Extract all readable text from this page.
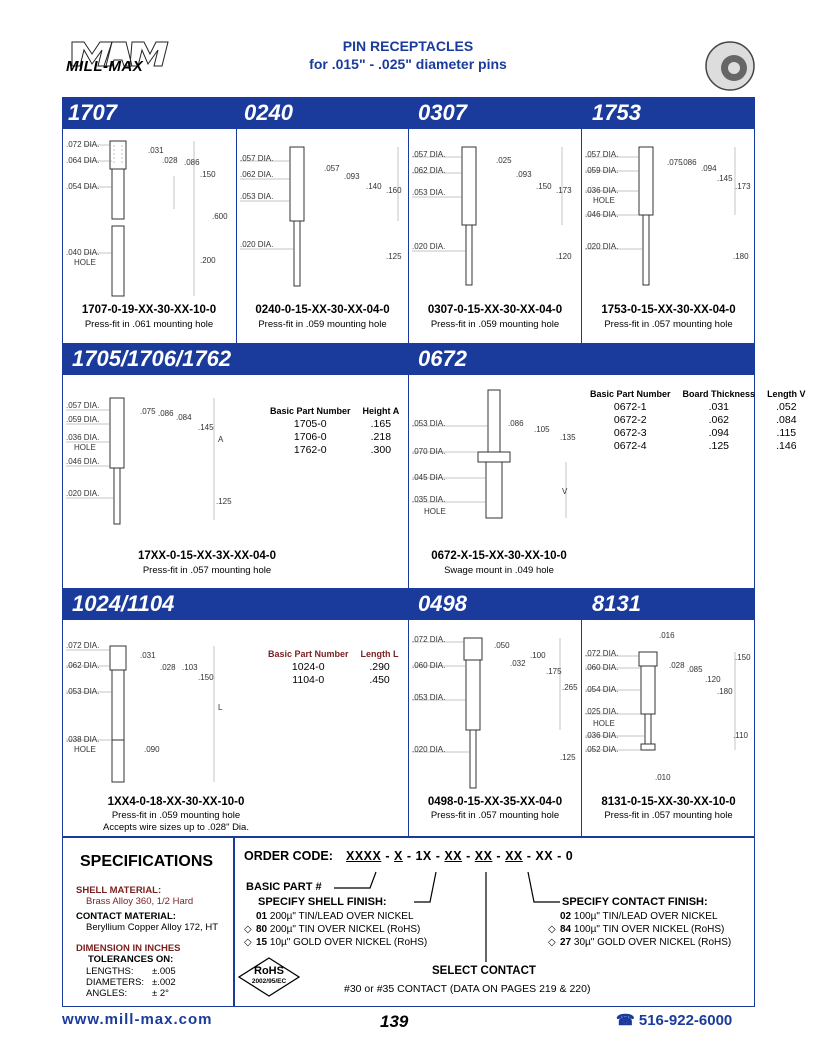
MILL-MAX
PIN RECEPTACLES
for .015" - .025" diameter pins
1707	0240	0307	1753
1705/1706/1762	0672
1024/1104	0498	8131
.072 DIA.
.064 DIA.
.054 DIA.
.040 DIA.
HOLE
.031
.028 .086
.150
.600
.200
.057 DIA.
.062 DIA.
.053 DIA.
.020 DIA.
.057
.093
.140 .160
.125
.057 DIA.
.062 DIA.
.053 DIA.
.020 DIA.
.025
.093
.150 .173
.120
.057 DIA.
.059 DIA.
.036 DIA.
HOLE
.046 DIA.
.020 DIA.
.075
.086
.094
.145
.173
.180
1707-0-19-XX-30-XX-10-0
Press-fit in .061 mounting hole
0240-0-15-XX-30-XX-04-0
Press-fit in .059 mounting hole
0307-0-15-XX-30-XX-04-0
Press-fit in .059 mounting hole
1753-0-15-XX-30-XX-04-0
Press-fit in .057 mounting hole
.057 DIA.
.059 DIA.
.036 DIA.
HOLE
.046 DIA.
.020 DIA.
.075 .086 .084
.145
A
.125
Basic Part Number	Height A
1705-0	.165
1706-0	.218
1762-0	.300
.053 DIA.
.070 DIA.
.045 DIA.
.035 DIA.
HOLE
.086
.105
.135
V
Basic Part Number	Board Thickness	Length V
0672-1	.031	.052
0672-2	.062	.084
0672-3	.094	.115
0672-4	.125	.146
17XX-0-15-XX-3X-XX-04-0
Press-fit in .057 mounting hole
0672-X-15-XX-30-XX-10-0
Swage mount in .049 hole
.072 DIA.
.062 DIA.
.053 DIA.
.038 DIA.
HOLE
.031
.028 .103
.150
L
.090
Basic Part Number	Length L
1024-0	.290
1104-0	.450
.072 DIA.
.060 DIA.
.053 DIA.
.020 DIA.
.050
.032
.100
.175
.265
.125
.072 DIA.
.060 DIA.
.054 DIA.
.025 DIA.
HOLE
.036 DIA.
.052 DIA.
.016
.028 .085
.120
.150
.180
.110
.010
1XX4-0-18-XX-30-XX-10-0
Press-fit in .059 mounting hole
Accepts wire sizes up to .028" Dia.
0498-0-15-XX-35-XX-04-0
Press-fit in .057 mounting hole
8131-0-15-XX-30-XX-10-0
Press-fit in .057 mounting hole
SPECIFICATIONS
SHELL MATERIAL:
Brass Alloy 360, 1/2 Hard
CONTACT MATERIAL:
Beryllium Copper Alloy 172, HT
DIMENSION IN INCHES
TOLERANCES ON:
LENGTHS: ±.005
DIAMETERS: ±.002
ANGLES:	± 2°
ORDER CODE: XXXX - X - 1X - XX - XX - XX - XX - 0
BASIC PART #
SPECIFY SHELL FINISH:
01 200µ" TIN/LEAD OVER NICKEL
◇ 80 200µ" TIN OVER NICKEL (RoHS)
◇ 15 10µ" GOLD OVER NICKEL (RoHS)
SPECIFY CONTACT FINISH:
02 100µ" TIN/LEAD OVER NICKEL
◇ 84 100µ" TIN OVER NICKEL (RoHS)
◇ 27 30µ" GOLD OVER NICKEL (RoHS)
SELECT CONTACT
#30 or #35 CONTACT (DATA ON PAGES 219 & 220)
RoHS
2002/95/EC
www.mill-max.com	139	☎ 516-922-6000
